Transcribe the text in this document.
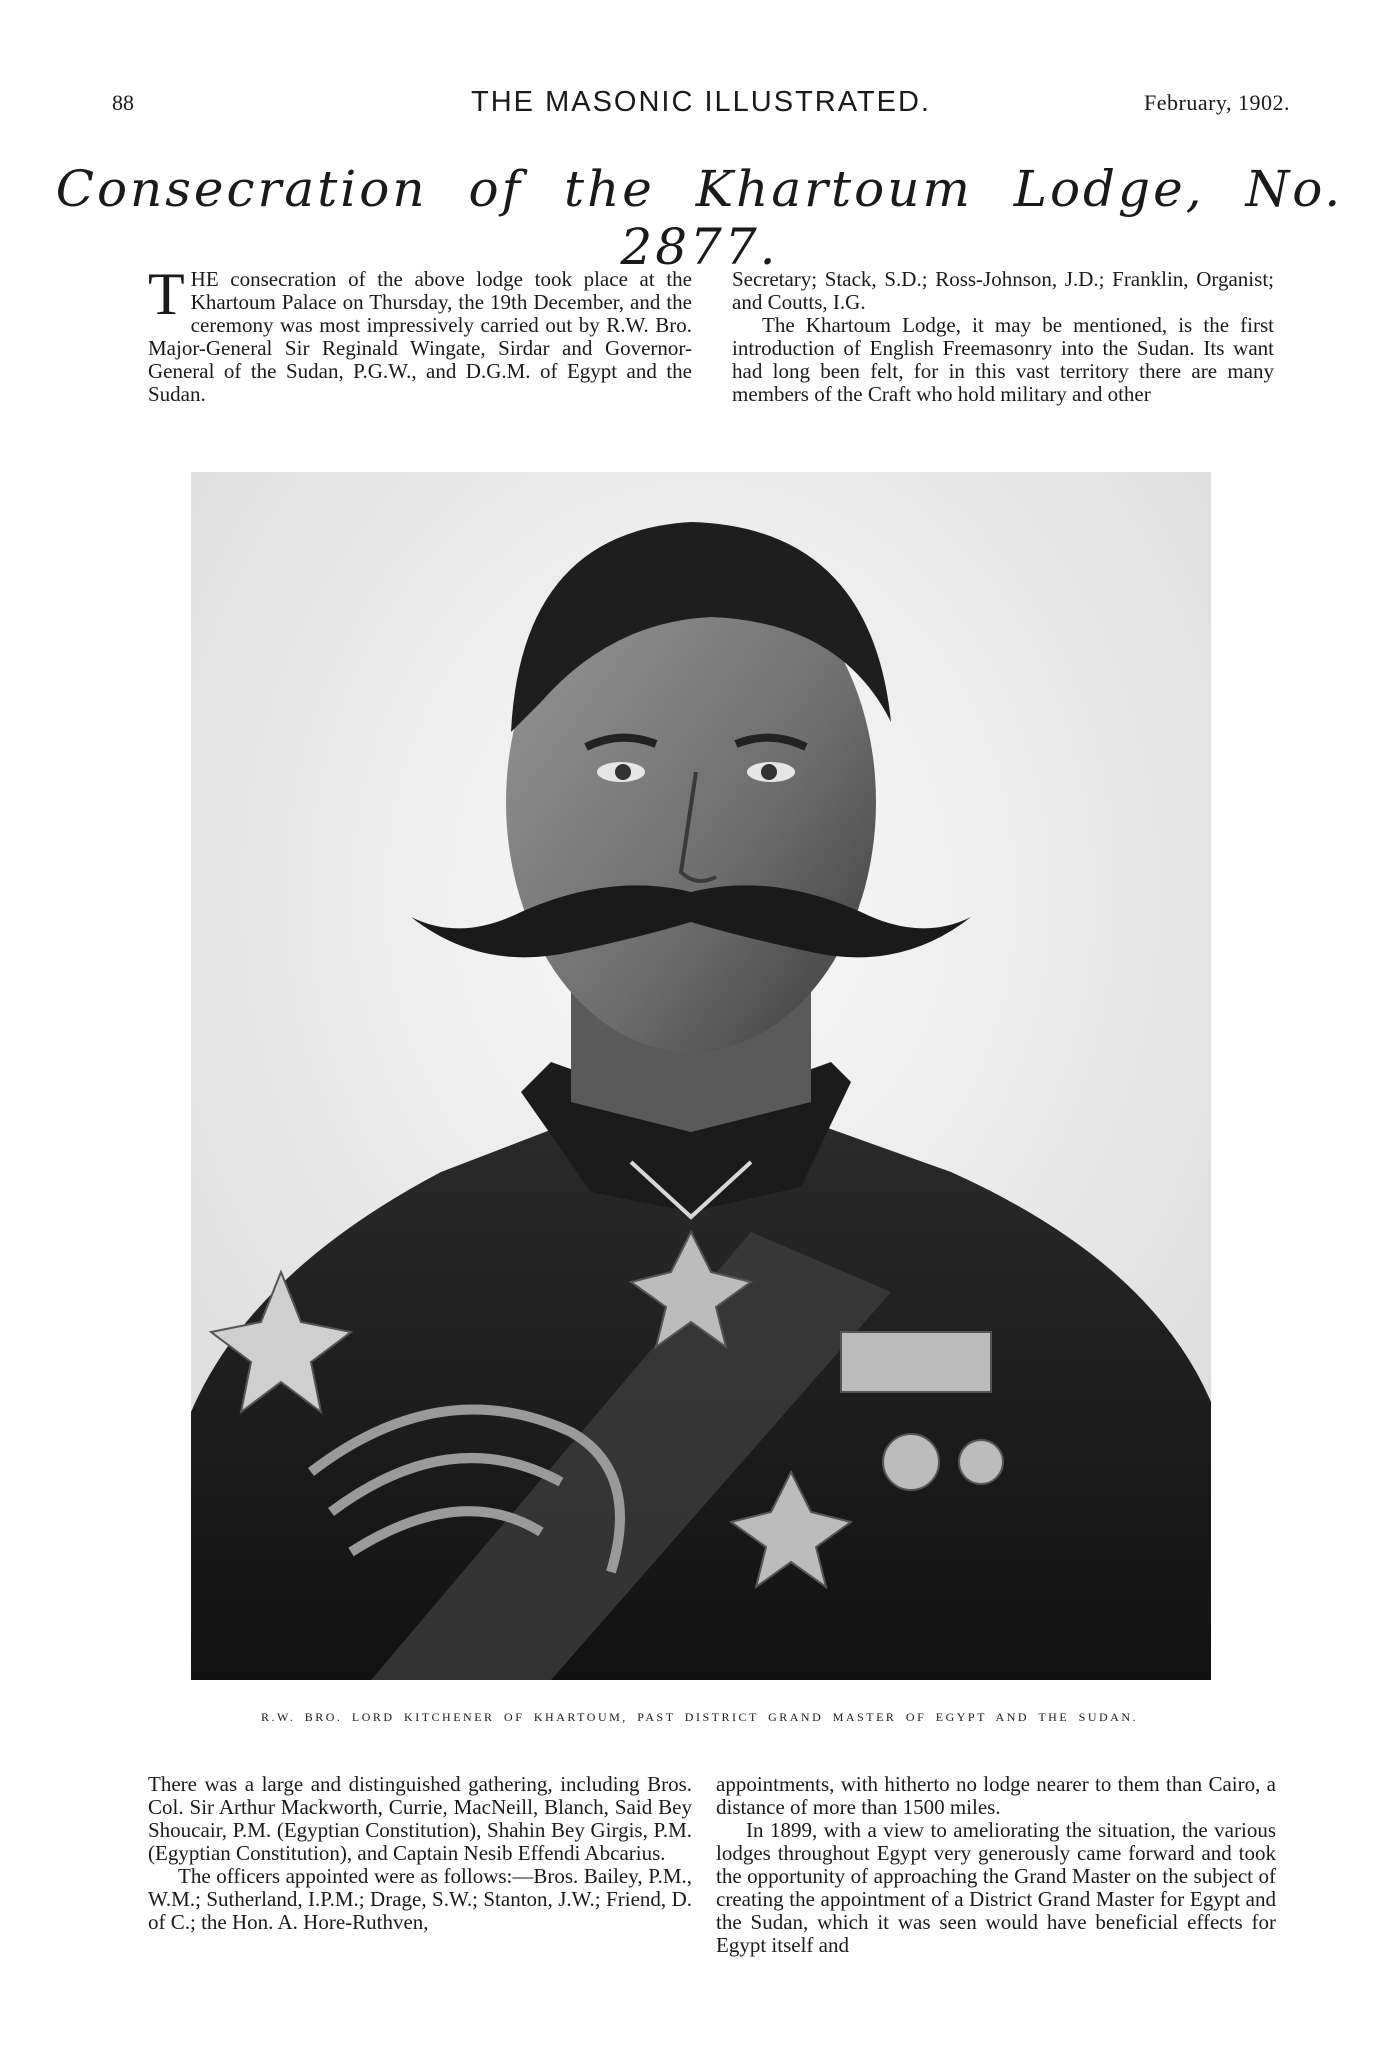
88	THE MASONIC ILLUSTRATED.	February, 1902.
Consecration of the Khartoum Lodge, No. 2877.

THE consecration of the above lodge took place at the Khartoum Palace on Thursday, the 19th December, and the ceremony was most impressively carried out by R.W. Bro. Major-General Sir Reginald Wingate, Sirdar and Governor-General of the Sudan, P.G.W., and D.G.M. of Egypt and the Sudan.

Secretary; Stack, S.D.; Ross-Johnson, J.D.; Franklin, Organist; and Coutts, I.G.

The Khartoum Lodge, it may be mentioned, is the first introduction of English Freemasonry into the Sudan. Its want had long been felt, for in this vast territory there are many members of the Craft who hold military and other

R.W. BRO. LORD KITCHENER OF KHARTOUM, PAST DISTRICT GRAND MASTER OF EGYPT AND THE SUDAN.

There was a large and distinguished gathering, including Bros. Col. Sir Arthur Mackworth, Currie, MacNeill, Blanch, Said Bey Shoucair, P.M. (Egyptian Constitution), Shahin Bey Girgis, P.M. (Egyptian Constitution), and Captain Nesib Effendi Abcarius.

The officers appointed were as follows:—Bros. Bailey, P.M., W.M.; Sutherland, I.P.M.; Drage, S.W.; Stanton, J.W.; Friend, D. of C.; the Hon. A. Hore-Ruthven,

appointments, with hitherto no lodge nearer to them than Cairo, a distance of more than 1500 miles.

In 1899, with a view to ameliorating the situation, the various lodges throughout Egypt very generously came forward and took the opportunity of approaching the Grand Master on the subject of creating the appointment of a District Grand Master for Egypt and the Sudan, which it was seen would have beneficial effects for Egypt itself and
